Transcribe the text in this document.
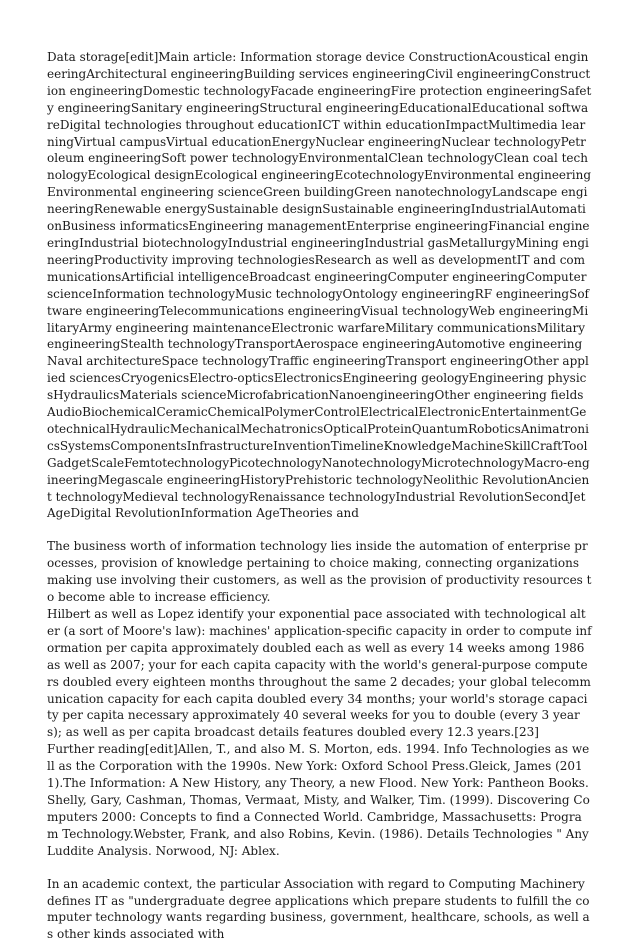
Data storage[edit]Main article: Information storage device ConstructionAcoustical engineeringArchitectural engineeringBuilding services engineeringCivil engineeringConstruction engineeringDomestic technologyFacade engineeringFire protection engineeringSafety engineeringSanitary engineeringStructural engineeringEducationalEducational softwareDigital technologies throughout educationICT within educationImpactMultimedia learningVirtual campusVirtual educationEnergyNuclear engineeringNuclear technologyPetroleum engineeringSoft power technologyEnvironmentalClean technologyClean coal technologyEcological designEcological engineeringEcotechnologyEnvironmental engineeringEnvironmental engineering scienceGreen buildingGreen nanotechnologyLandscape engineeringRenewable energySustainable designSustainable engineeringIndustrialAutomationBusiness informaticsEngineering managementEnterprise engineeringFinancial engineeringIndustrial biotechnologyIndustrial engineeringIndustrial gasMetallurgyMining engineeringProductivity improving technologiesResearch as well as developmentIT and communicationsArtificial intelligenceBroadcast engineeringComputer engineeringComputer scienceInformation technologyMusic technologyOntology engineeringRF engineeringSoftware engineeringTelecommunications engineeringVisual technologyWeb engineeringMilitaryArmy engineering maintenanceElectronic warfareMilitary communicationsMilitary engineeringStealth technologyTransportAerospace engineeringAutomotive engineeringNaval architectureSpace technologyTraffic engineeringTransport engineeringOther applied sciencesCryogenicsElectro-opticsElectronicsEngineering geologyEngineering physicsHydraulicsMaterials scienceMicrofabricationNanoengineeringOther engineering fieldsAudioBiochemicalCeramicChemicalPolymerControlElectricalElectronicEntertainmentGeotechnicalHydraulicMechanicalMechatronicsOpticalProteinQuantumRoboticsAnimatronicsSystemsComponentsInfrastructureInventionTimelineKnowledgeMachineSkillCraftToolGadgetScaleFemtotechnologyPicotechnologyNanotechnologyMicrotechnologyMacro-engineeringMegascale engineeringHistoryPrehistoric technologyNeolithic RevolutionAncient technologyMedieval technologyRenaissance technologyIndustrial RevolutionSecondJet AgeDigital RevolutionInformation AgeTheories and

The business worth of information technology lies inside the automation of enterprise processes, provision of knowledge pertaining to choice making, connecting organizations making use involving their customers, as well as the provision of productivity resources to become able to increase efficiency.

Hilbert as well as Lopez identify your exponential pace associated with technological alter (a sort of Moore's law): machines' application-specific capacity in order to compute information per capita approximately doubled each as well as every 14 weeks among 1986 as well as 2007; your for each capita capacity with the world's general-purpose computers doubled every eighteen months throughout the same 2 decades; your global telecommunication capacity for each capita doubled every 34 months; your world's storage capacity per capita necessary approximately 40 several weeks for you to double (every 3 years); as well as per capita broadcast details features doubled every 12.3 years.[23]

Further reading[edit]Allen, T., and also M. S. Morton, eds. 1994. Info Technologies as well as the Corporation with the 1990s. New York: Oxford School Press.Gleick, James (2011).The Information: A New History, any Theory, a new Flood. New York: Pantheon Books.Shelly, Gary, Cashman, Thomas, Vermaat, Misty, and Walker, Tim. (1999). Discovering Computers 2000: Concepts to find a Connected World. Cambridge, Massachusetts: Program Technology.Webster, Frank, and also Robins, Kevin. (1986). Details Technologies " Any Luddite Analysis. Norwood, NJ: Ablex.

In an academic context, the particular Association with regard to Computing Machinery defines IT as "undergraduate degree applications which prepare students to fulfill the computer technology wants regarding business, government, healthcare, schools, as well as other kinds associated with
